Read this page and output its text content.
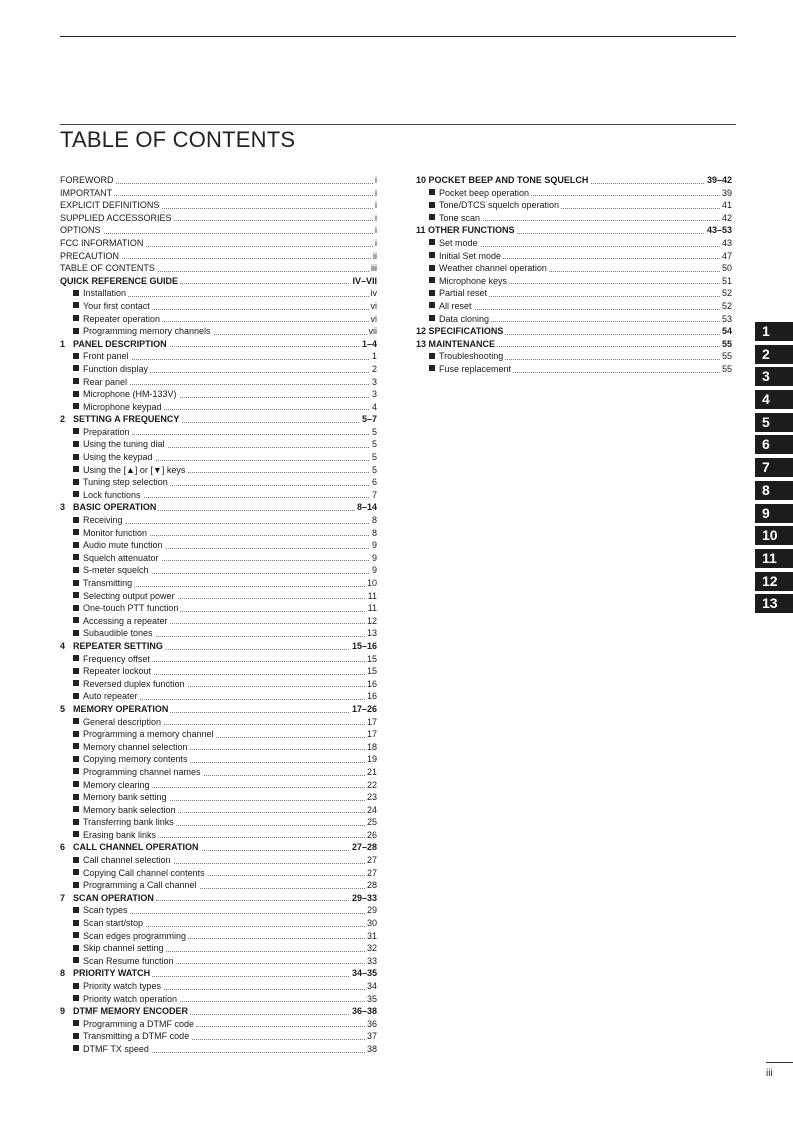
TABLE OF CONTENTS
FOREWORD	i
IMPORTANT	i
EXPLICIT DEFINITIONS	i
SUPPLIED ACCESSORIES	i
OPTIONS	i
FCC INFORMATION	i
PRECAUTION	ii
TABLE OF CONTENTS	iii
QUICK REFERENCE GUIDE	IV–VII
Installation	iv
Your first contact	vi
Repeater operation	vi
Programming memory channels	vii
1 PANEL DESCRIPTION	1–4
Front panel	1
Function display	2
Rear panel	3
Microphone (HM-133V)	3
Microphone keypad	4
2 SETTING A FREQUENCY	5–7
Preparation	5
Using the tuning dial	5
Using the keypad	5
Using the [▲] or [▼] keys	5
Tuning step selection	6
Lock functions	7
3 BASIC OPERATION	8–14
Receiving	8
Monitor function	8
Audio mute function	9
Squelch attenuator	9
S-meter squelch	9
Transmitting	10
Selecting output power	11
One-touch PTT function	11
Accessing a repeater	12
Subaudible tones	13
4 REPEATER SETTING	15–16
Frequency offset	15
Repeater lockout	15
Reversed duplex function	16
Auto repeater	16
5 MEMORY OPERATION	17–26
General description	17
Programming a memory channel	17
Memory channel selection	18
Copying memory contents	19
Programming channel names	21
Memory clearing	22
Memory bank setting	23
Memory bank selection	24
Transferring bank links	25
Erasing bank links	26
6 CALL CHANNEL OPERATION	27–28
Call channel selection	27
Copying Call channel contents	27
Programming a Call channel	28
7 SCAN OPERATION	29–33
Scan types	29
Scan start/stop	30
Scan edges programming	31
Skip channel setting	32
Scan Resume function	33
8 PRIORITY WATCH	34–35
Priority watch types	34
Priority watch operation	35
9 DTMF MEMORY ENCODER	36–38
Programming a DTMF code	36
Transmitting a DTMF code	37
DTMF TX speed	38
10 POCKET BEEP AND TONE SQUELCH	39–42
Pocket beep operation	39
Tone/DTCS squelch operation	41
Tone scan	42
11 OTHER FUNCTIONS	43–53
Set mode	43
Initial Set mode	47
Weather channel operation	50
Microphone keys	51
Partial reset	52
All reset	52
Data cloning	53
12 SPECIFICATIONS	54
13 MAINTENANCE	55
Troubleshooting	55
Fuse replacement	55
1
2
3
4
5
6
7
8
9
10
11
12
13
iii
